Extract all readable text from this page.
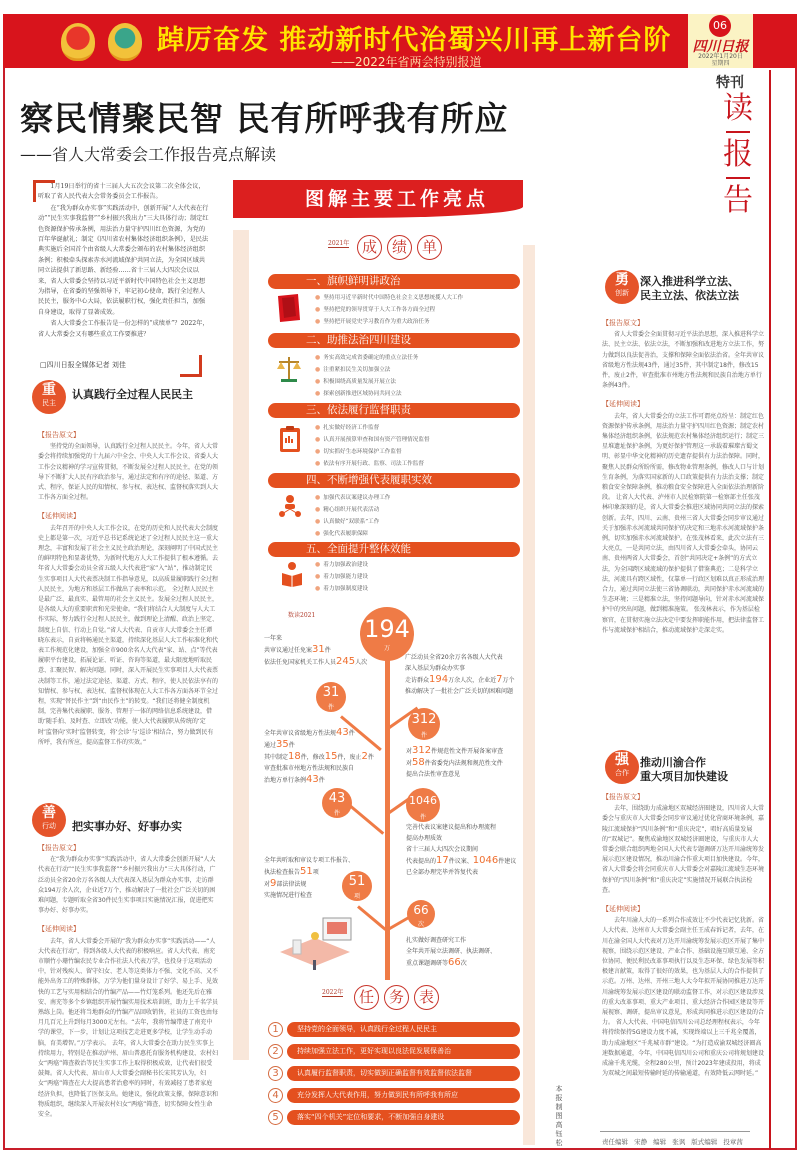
踔厉奋发 推动新时代治蜀兴川再上新台阶
——2022年省两会特别报道
06
四川日报
2022年1月20日
星期四
特刊
读
报
告
察民情聚民智 民有所呼我有所应
——省人大常委会工作报告亮点解读

1月19日举行的省十三届人大五次会议第二次全体会议，听取了省人民代表大会常务委员会工作报告。

在“我为群众办实事”实践活动中，创新开展“人大代表在行动”“民生实事我监督”“乡村振兴我出力”三大具体行动；制定红色资源保护传承条例，用法治力量守护四川红色资源，为党的百年华诞献礼；制定《四川省农村集体经济组织条例》，是民法典实施后全国首个由省级人大常委会颁布的农村集体经济组织条例；积极牵头探索赤水河流域保护共同立法，为全国区域共同立法提供了新思路、新经验……省十三届人大四次会议以来，省人大常委会坚持以习近平新时代中国特色社会主义思想为指导，在省委的坚强领导下，牢记初心使命，践行全过程人民民主，服务中心大局，依法履职行权，强化责任担当，加强自身建设，取得了显著成效。

省人大常委会工作报告是一份怎样的“成绩单”？2022年，省人大常委会又有哪些重点工作要推进？

□四川日报全媒体记者 刘佳
重
民主
认真践行全过程人民民主
【报告原文】

坚持党的全面领导，认真践行全过程人民民主。今年，省人大常委会将持续加强党的十九届六中全会、中央人大工作会议、省委人大工作会议精神的学习宣传贯彻，不断发展全过程人民民主，在党的领导下不断扩大人民有序政治参与，通过法定和有序的途径、渠道、方式、程序，保证人民的知情权、参与权、表达权、监督权落实到人大工作各方面全过程。

【延伸阅读】

去年召开的中央人大工作会议，在党的历史和人民代表大会制度史上都是第一次，习近平总书记系统论述了全过程人民民主这一重大理念，丰富和发展了社会主义民主政治理论，深刻阐明了中国式民主的鲜明特色和显著优势，为新时代地方人大工作提供了根本遵循。去年省人大常委会动员全省五级人大代表进“家”入“站”，推动制定民生实事项目人大代表票决制工作指导意见，以高质量履职践行全过程人民民主，为地方和基层工作做出了表率和示范。 全过程人民民主是最广泛、最真实、最管用的社会主义民主。发展全过程人民民主，是各级人大的重要职责和光荣使命。“我们将结合人大制度与人大工作实际，努力践行全过程人民民主，做到理论上清醒、政治上坚定、制度上自信、行动上自觉。”省人大代表、自贡市人大常委会主任谭晓东表示，自贡将畅通民主渠道，持续深化基层人大工作标准化和代表工作规范化建设，加强全市900余名人大代表“家、站、点”等代表履职平台建设，拓展论证、听证、咨询等渠道，最大限度地听取民意、汇聚民智、解决问题。同时，深入开展民生实事项目人大代表票决制等工作，通过法定途径、渠道、方式、程序，使人民依法享有的知情权、参与权、表达权、监督权体现在人大工作各方面各环节全过程，实现“替民作主”到“由民作主”的转变。“我们还将健全制度机制，完善集代表履职、服务、管理于一体的网络信息系统建设，借助‘随手拍、及时查、立即改’功能，使人大代表履职从传统的‘定时’监督向‘实时’监督转变，将‘会诊’与‘巡诊’相结合，努力做到民有所呼，我有所应，提高监督工作的实效。”

善
行动	把实事办好、好事办实
【报告原文】

在“我为群众办实事”实践活动中，省人大常委会创新开展“人大代表在行动”“民生实事我监督”“乡村振兴我出力”三大具体行动，广泛动员全省20余万名各级人大代表深入基层为群众办实事，走访群众194万余人次，企业近7万个，推动解决了一批社会广泛关切的困难问题，专题听取全省30件民生实事项目实施情况汇报，促进把实事办好、好事办实。

【延伸阅读】

去年，省人大常委会开展的“我为群众办实事”实践活动——“人大代表在行动”，得到各级人大代表的积极响应。省人大代表、南充市顺竹小珊竹编农民专业合作社法人代表万学，也投身于这项活动中，针对残疾人、留守妇女、老人等这类体力不强、文化不高、又不能外出务工的特殊群体，万学为他们量身设计了好学、易上手、见效快的工艺与实用相结合的竹编产品——竹灯笼系列。他还先后在雅安、南充等多个乡镇组织开展竹编实用技术培训班，助力上千名学员熟练上岗。他还将当地群众的竹编产品回收销售，社员的工资也由每月几百元上升到每月3000元左右。“去年，我将竹编带进了南充中学的课堂，下一步，计划让这项技艺走进更多学校，让学生动手动脑，育美增智。”万学表示。 去年，省人大常委会在助力民生实事上持续用力，特别是在推动泸州、眉山普惠托育服务机构建设、农村妇女“两癌”筛查救治等民生实事工作上取得积极成效，让代表们很受鼓舞。省人大代表、眉山市人大常委会副秘书长宋其芳认为，妇女“两癌”筛查在大大提高患者治愈率的同时，有效减轻了患者家庭经济负担，也降低了医保支出。她建议，强化政策支撑，保障意识和物质组织，继续深入开展农村妇女“两癌”筛查，切实保障女性生命安全。

图解主要工作亮点
2021年 成 绩 单
一、旗帜鲜明讲政治
● 坚持用习近平新时代中国特色社会主义思想统揽人大工作
● 坚持把党的领导贯穿于人大工作各方面全过程
● 坚持把开展党史学习教育作为重大政治任务
二、助推法治四川建设
● 务实高效完成省委确定的重点立法任务
● 注重紧扣民生关切加强立法
● 积极围绕高质量发展开展立法
● 探索创新推进区域协同共同立法
三、依法履行监督职责
● 扎实做好经济工作监督
● 认真开展预算审查和国有资产管理情况监督
● 切实抓好生态环境保护工作监督
● 依法有序开展行政、监察、司法工作监督
四、不断增强代表履职实效
● 加强代表议案建议办理工作
● 精心组织开展代表活动
● 认真做好“双联系”工作
● 强化代表履职保障
五、全面提升整体效能
● 着力加强政治建设
● 着力加强能力建设
● 着力加强制度建设
数读2021 194
万
31
件
312
件
43
件
1046
件
51
项
66
次
一年来
共审议通过任免案31件
依法任免国家机关工作人员245人次
广泛动员全省20余万名各级人大代表
深入基层为群众办实事
走访群众194万余人次，企业近7万个
推动解决了一批社会广泛关切的困难问题
全年共审议省级地方性法规43件
通过35件
其中制定18件，修改15件，废止2件
审查批准市州地方性法规和民族自
治地方单行条例43件
对312件规范性文件开展备案审查
对58件省委党内法规和规范性文件
提出合法性审查意见
完善代表议案建议提出和办理流程
提高办理质效
省十三届人大四次会议期间
代表提出的17件议案、1046件建议
已全部办理完毕并答复代表
全年共听取和审议专项工作报告、
执法检查报告51项
对9部法律法规
实施情况进行检查
扎实做好调查研究工作
全年共开展立法调研、执法调研、
重点课题调研等66次
2022年	任 务 表
1	坚持党的全面领导，认真践行全过程人民民主
2	持续加强立法工作，更好实现以良法促发展保善治
3	认真履行监督职责，切实做到正确监督有效监督依法监督
4	充分发挥人大代表作用，努力做到民有所呼我有所应
5	落实“四个机关”定位和要求，不断加强自身建设
本报制图高钰松
勇
创新
深入推进科学立法、
民主立法、依法立法
【报告原文】

省人大常委会全面贯彻习近平法治思想，深入推进科学立法、民主立法、依法立法，不断加强和改进地方立法工作，努力做到以良法促善治，支撑和保障全面依法治省。全年共审议省级地方性法规43件，通过35件，其中制定18件，修改15件，废止2件，审查批准市州地方性法规和民族自治地方单行条例43件。

【延伸阅读】

去年，省人大常委会的立法工作可谓亮点纷呈：制定红色资源保护传承条例，用法治力量守护四川红色资源；制定农村集体经济组织条例，依法规范农村集体经济组织运行；制定三星堆遗址保护条例，为更好保护管理这一承载着璀璨古蜀文明、彰显中华文化精神的历史遗存提供有力法治保障。同时，聚焦人民群众所盼所需，修改物业管理条例，修改人口与计划生育条例，为落实国家新的人口政策提供有力法治支撑；制定粮食安全保障条例，推动粮食安全保障进入全面依法治理新阶段。 让省人大代表、泸州市人民检察院第一检察部主任张茂林印象深刻的是，省人大常委会推进区域协同共同立法的探索创新。去年，四川、云南、贵州三省人大常委会同步审议通过关于加强赤水河流域共同保护的决定和三地赤水河流域保护条例，切实加强赤水河流域保护。在张茂林看来，此次立法有三大亮点，一是共同立法，由四川省人大常委会牵头，协同云南、贵州两省人大常委会，首创“共同决定+条例”的方式立法，为全国跨区域流域的保护提供了借鉴典范；二是科学立法，河流具有跨区域性，仅靠单一行政区划难以真正形成治理合力，通过共同立法使三省协调联动，共同保护赤水河流域的生态环境；三是精准立法，坚持问题导向，针对赤水河流域保护中的突出问题，做到精准施策。 张茂林表示，作为基层检察官，在贯彻实施立法决定中要发挥职能作用，把法律监督工作与流域保护相结合，推动流域保护走深走实。

强
合作
推动川渝合作
重大项目加快建设
【报告原文】

去年，围绕助力成渝地区双城经济圈建设，四川省人大常委会与重庆市人大常委会同步审议通过优化营商环境条例，嘉陵江流域保护“四川条例”和“重庆决定”，唱好高质量发展的“双城记”。聚焦成渝地区双城经济圈建设，与重庆市人大常委会联合组织两地全国人大代表专题调研万达开川渝统筹发展示范区建设情况，推动川渝合作重大项目加快建设。今年，省人大常委会将会同重庆市人大常委会对嘉陵江流域生态环境保护的“四川条例”和“重庆决定”实施情况开展联合执法检查。

【延伸阅读】

去年川渝人大的一系列合作成效让不少代表记忆犹新。省人大代表、达州市人大常委会副主任王成春诉记者，去年，在川在渝全国人大代表对万达开川渝统筹发展示范区开展了集中视察，围绕示范区建设、产业合作、基础设施互联互通、全方位协同、便民利民改革事项执行以及生态环保、绿色发展等积极建言献策，取得了很好的效果，也为基层人大的合作提供了示范。万州、达州、开州三地人大今年拟开展协同推进万达开川渝统筹发展示范区建设的联动监督工作，对示范区建设涉及的重大改革事项、重大产业项目、重大经济合作园区建设等开展视察、调研，提出审议意见，形成共同推进示范区建设的合力。 省人大代表、中国电信四川公司总经理程权表示，今年将持续保持5G建设力度不减，实现终端以上三千兆全覆盖，助力成渝地区“千兆城市群”建设。“为打造成渝双城经济圈高速数据通道，今年，中国电信四川公司和重庆公司将规划建设成渝千兆光缆，全程280公里，预计2023年建成投用，将成为双城之间最短传输时延的传输通道，有效降低云网时延。”

责任编辑 宋静 编辑 张讽 版式编辑 投章茜
